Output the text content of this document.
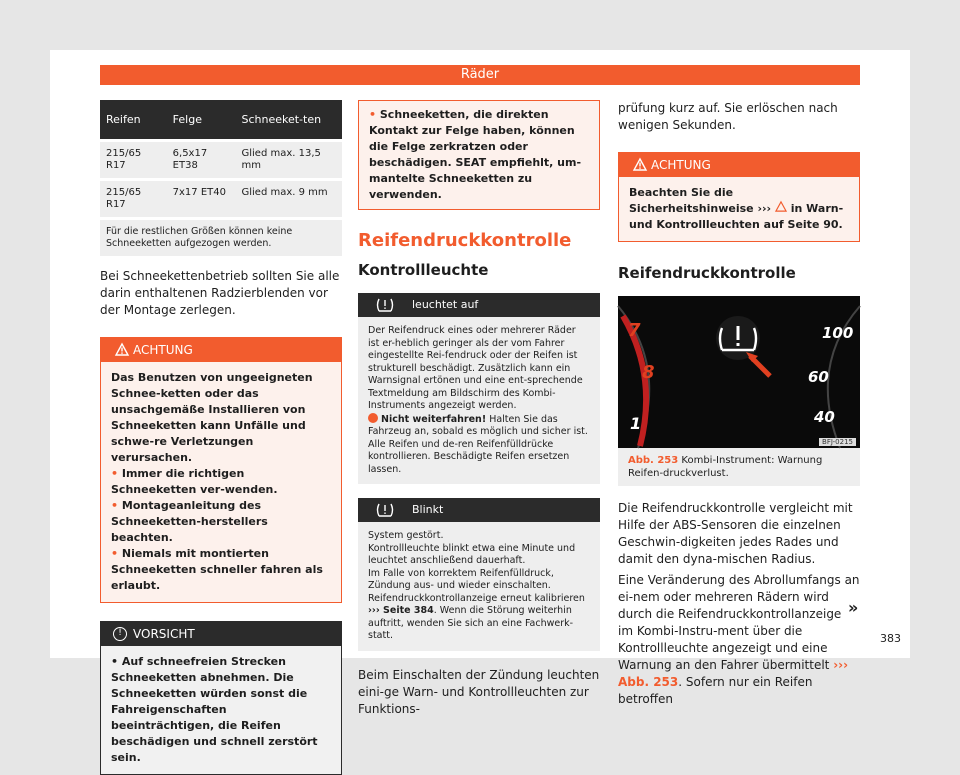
Räder
Reifen	Felge	Schneeket-ten
215/65 R17	6,5x17 ET38	Glied max. 13,5 mm
215/65 R17	7x17 ET40	Glied max. 9 mm
Für die restlichen Größen können keine Schneeketten aufgezogen werden.		

Bei Schneekettenbetrieb sollten Sie alle darin enthaltenen Radzierblenden vor der Montage zerlegen.

ACHTUNG

Das Benutzen von ungeeigneten Schnee-ketten oder das unsachgemäße Installieren von Schneeketten kann Unfälle und schwe-re Verletzungen verursachen.

• Immer die richtigen Schneeketten ver-wenden.

• Montageanleitung des Schneeketten-herstellers beachten.

• Niemals mit montierten Schneeketten schneller fahren als erlaubt.

! VORSICHT

• Auf schneefreien Strecken Schneeketten abnehmen. Die Schneeketten würden sonst die Fahreigenschaften beeinträchtigen, die Reifen beschädigen und schnell zerstört sein.

• Schneeketten, die direkten Kontakt zur Felge haben, können die Felge zerkratzen oder beschädigen. SEAT empfiehlt, um-mantelte Schneeketten zu verwenden.

Reifendruckkontrolle
Kontrollleuchte
leuchtet auf

Der Reifendruck eines oder mehrerer Räder ist er-heblich geringer als der vom Fahrer eingestellte Rei-fendruck oder der Reifen ist strukturell beschädigt. Zusätzlich kann ein Warnsignal ertönen und eine ent-sprechende Textmeldung am Bildschirm des Kombi-Instruments angezeigt werden.

Nicht weiterfahren! Halten Sie das Fahrzeug an, sobald es möglich und sicher ist. Alle Reifen und de-ren Reifenfülldrücke kontrollieren. Beschädigte Reifen ersetzen lassen.

Blinkt

System gestört.

Kontrollleuchte blinkt etwa eine Minute und leuchtet anschließend dauerhaft.

Im Falle von korrektem Reifenfülldruck, Zündung aus- und wieder einschalten. Reifendruckkontrollanzeige erneut kalibrieren ››› Seite 384. Wenn die Störung weiterhin auftritt, wenden Sie sich an eine Fachwerk-statt.

Beim Einschalten der Zündung leuchten eini-ge Warn- und Kontrollleuchten zur Funktions-

prüfung kurz auf. Sie erlöschen nach wenigen Sekunden.

ACHTUNG
Beachten Sie die Sicherheitshinweise ›››  in Warn- und Kontrollleuchten auf Seite 90.
Reifendruckkontrolle
7
8
1
100
60
40
BFJ-0215
Abb. 253 Kombi-Instrument: Warnung Reifen-druckverlust.

Die Reifendruckkontrolle vergleicht mit Hilfe der ABS-Sensoren die einzelnen Geschwin-digkeiten jedes Rades und damit den dyna-mischen Radius.

Eine Veränderung des Abrollumfangs an ei-nem oder mehreren Rädern wird durch die Reifendruckkontrollanzeige im Kombi-Instru-ment über die Kontrollleuchte angezeigt und eine Warnung an den Fahrer übermittelt ››› Abb. 253. Sofern nur ein Reifen betroffen

»
383
